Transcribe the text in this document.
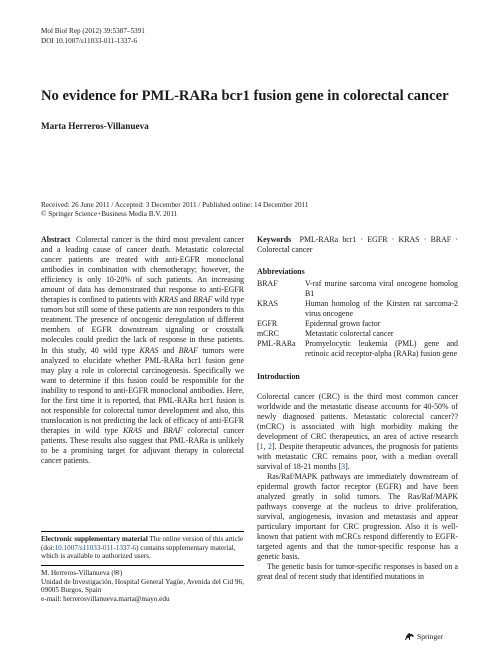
Mol Biol Rep (2012) 39:5387–5391
DOI 10.1007/s11033-011-1337-6
No evidence for PML-RARa bcr1 fusion gene in colorectal cancer
Marta Herreros-Villanueva
Received: 26 June 2011 / Accepted: 3 December 2011 / Published online: 14 December 2011
© Springer Science+Business Media B.V. 2011
Abstract Colorectal cancer is the third most prevalent cancer and a leading cause of cancer death. Metastatic colorectal cancer patients are treated with anti-EGFR monoclonal antibodies in combination with chemotherapy; however, the efficiency is only 10-20% of such patients. An increasing amount of data has demonstrated that response to anti-EGFR therapies is confined to patients with KRAS and BRAF wild type tumors but still some of these patients are non responders to this treatment. The presence of oncogenic deregulation of different members of EGFR downstream signaling or crosstalk molecules could predict the lack of response in these patients. In this study, 40 wild type KRAS and BRAF tumors were analyzed to elucidate whether PML-RARa bcr1 fusion gene may play a role in colorectal carcinogenesis. Specifically we want to determine if this fusion could be responsible for the inability to respond to anti-EGFR monoclonal antibodies. Here, for the first time it is reported, that PML-RARa bcr1 fusion is not responsible for colorectal tumor development and also, this translocation is not predicting the lack of efficacy of anti-EGFR therapies in wild type KRAS and BRAF colorectal cancer patients. These results also suggest that PML-RARa is unlikely to be a promising target for adjuvant therapy in colorectal cancer patients.
Electronic supplementary material The online version of this article (doi:10.1007/s11033-011-1337-6) contains supplementary material, which is available to authorized users.
M. Herreros-Villanueva (✉)
Unidad de Investigación, Hospital General Yagüe, Avenida del Cid 96, 09005 Burgos, Spain
e-mail: herrerosvillanueva.marta@mayo.edu
Keywords PML-RARa bcr1 · EGFR · KRAS · BRAF · Colorectal cancer
Abbreviations
BRAF	V-raf murine sarcoma viral oncogene homolog B1
KRAS	Human homolog of the Kirsten rat sarcoma-2 virus oncogene
EGFR	Epidermal grown factor
mCRC	Metastatic colorectal cancer
PML-RARa	Promyelocytic leukemia (PML) gene and retinoic acid receptor-alpha (RARa) fusion gene
Introduction
Colorectal cancer (CRC) is the third most common cancer worldwide and the metastatic disease accounts for 40-50% of newly diagnosed patients. Metastatic colorectal cancer?? (mCRC) is associated with high morbidity making the development of CRC therapeutics, an area of active research [1, 2]. Despite therapeutic advances, the prognosis for patients with metastatic CRC remains poor, with a median overall survival of 18-21 months [3].
Ras/Raf/MAPK pathways are immediately downstream of epidermal growth factor receptor (EGFR) and have been analyzed greatly in solid tumors. The Ras/Raf/MAPK pathways converge at the nucleus to drive proliferation, survival, angiogenesis, invasion and metastasis and appear particulary important for CRC progression. Also it is well-known that patient with mCRCs respond differently to EGFR-targeted agents and that the tumor-specific response has a genetic basis.
The genetic basis for tumor-specific responses is based on a great deal of recent study that identified mutations in
Springer
